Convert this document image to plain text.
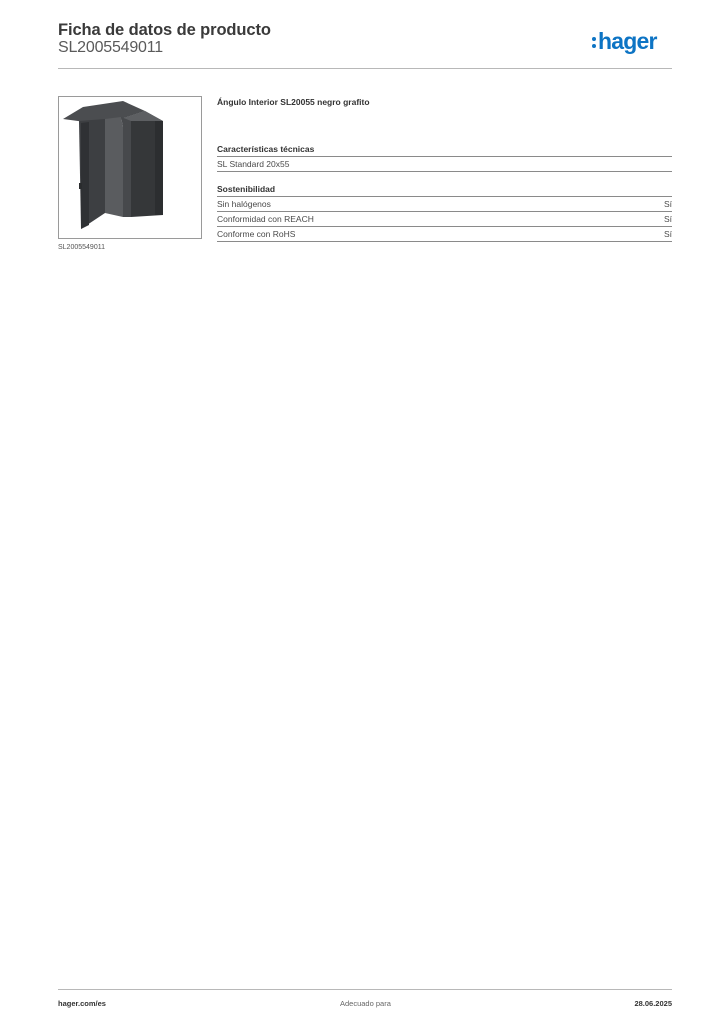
Ficha de datos de producto
SL2005549011	hager
SL2005549011
Ángulo Interior SL20055 negro grafito
Características técnicas
SL Standard 20x55
Sostenibilidad
Sin halógenos	Sí
Conformidad con REACH	Sí
Conforme con RoHS	Sí
hager.com/es	Adecuado para	28.06.2025
